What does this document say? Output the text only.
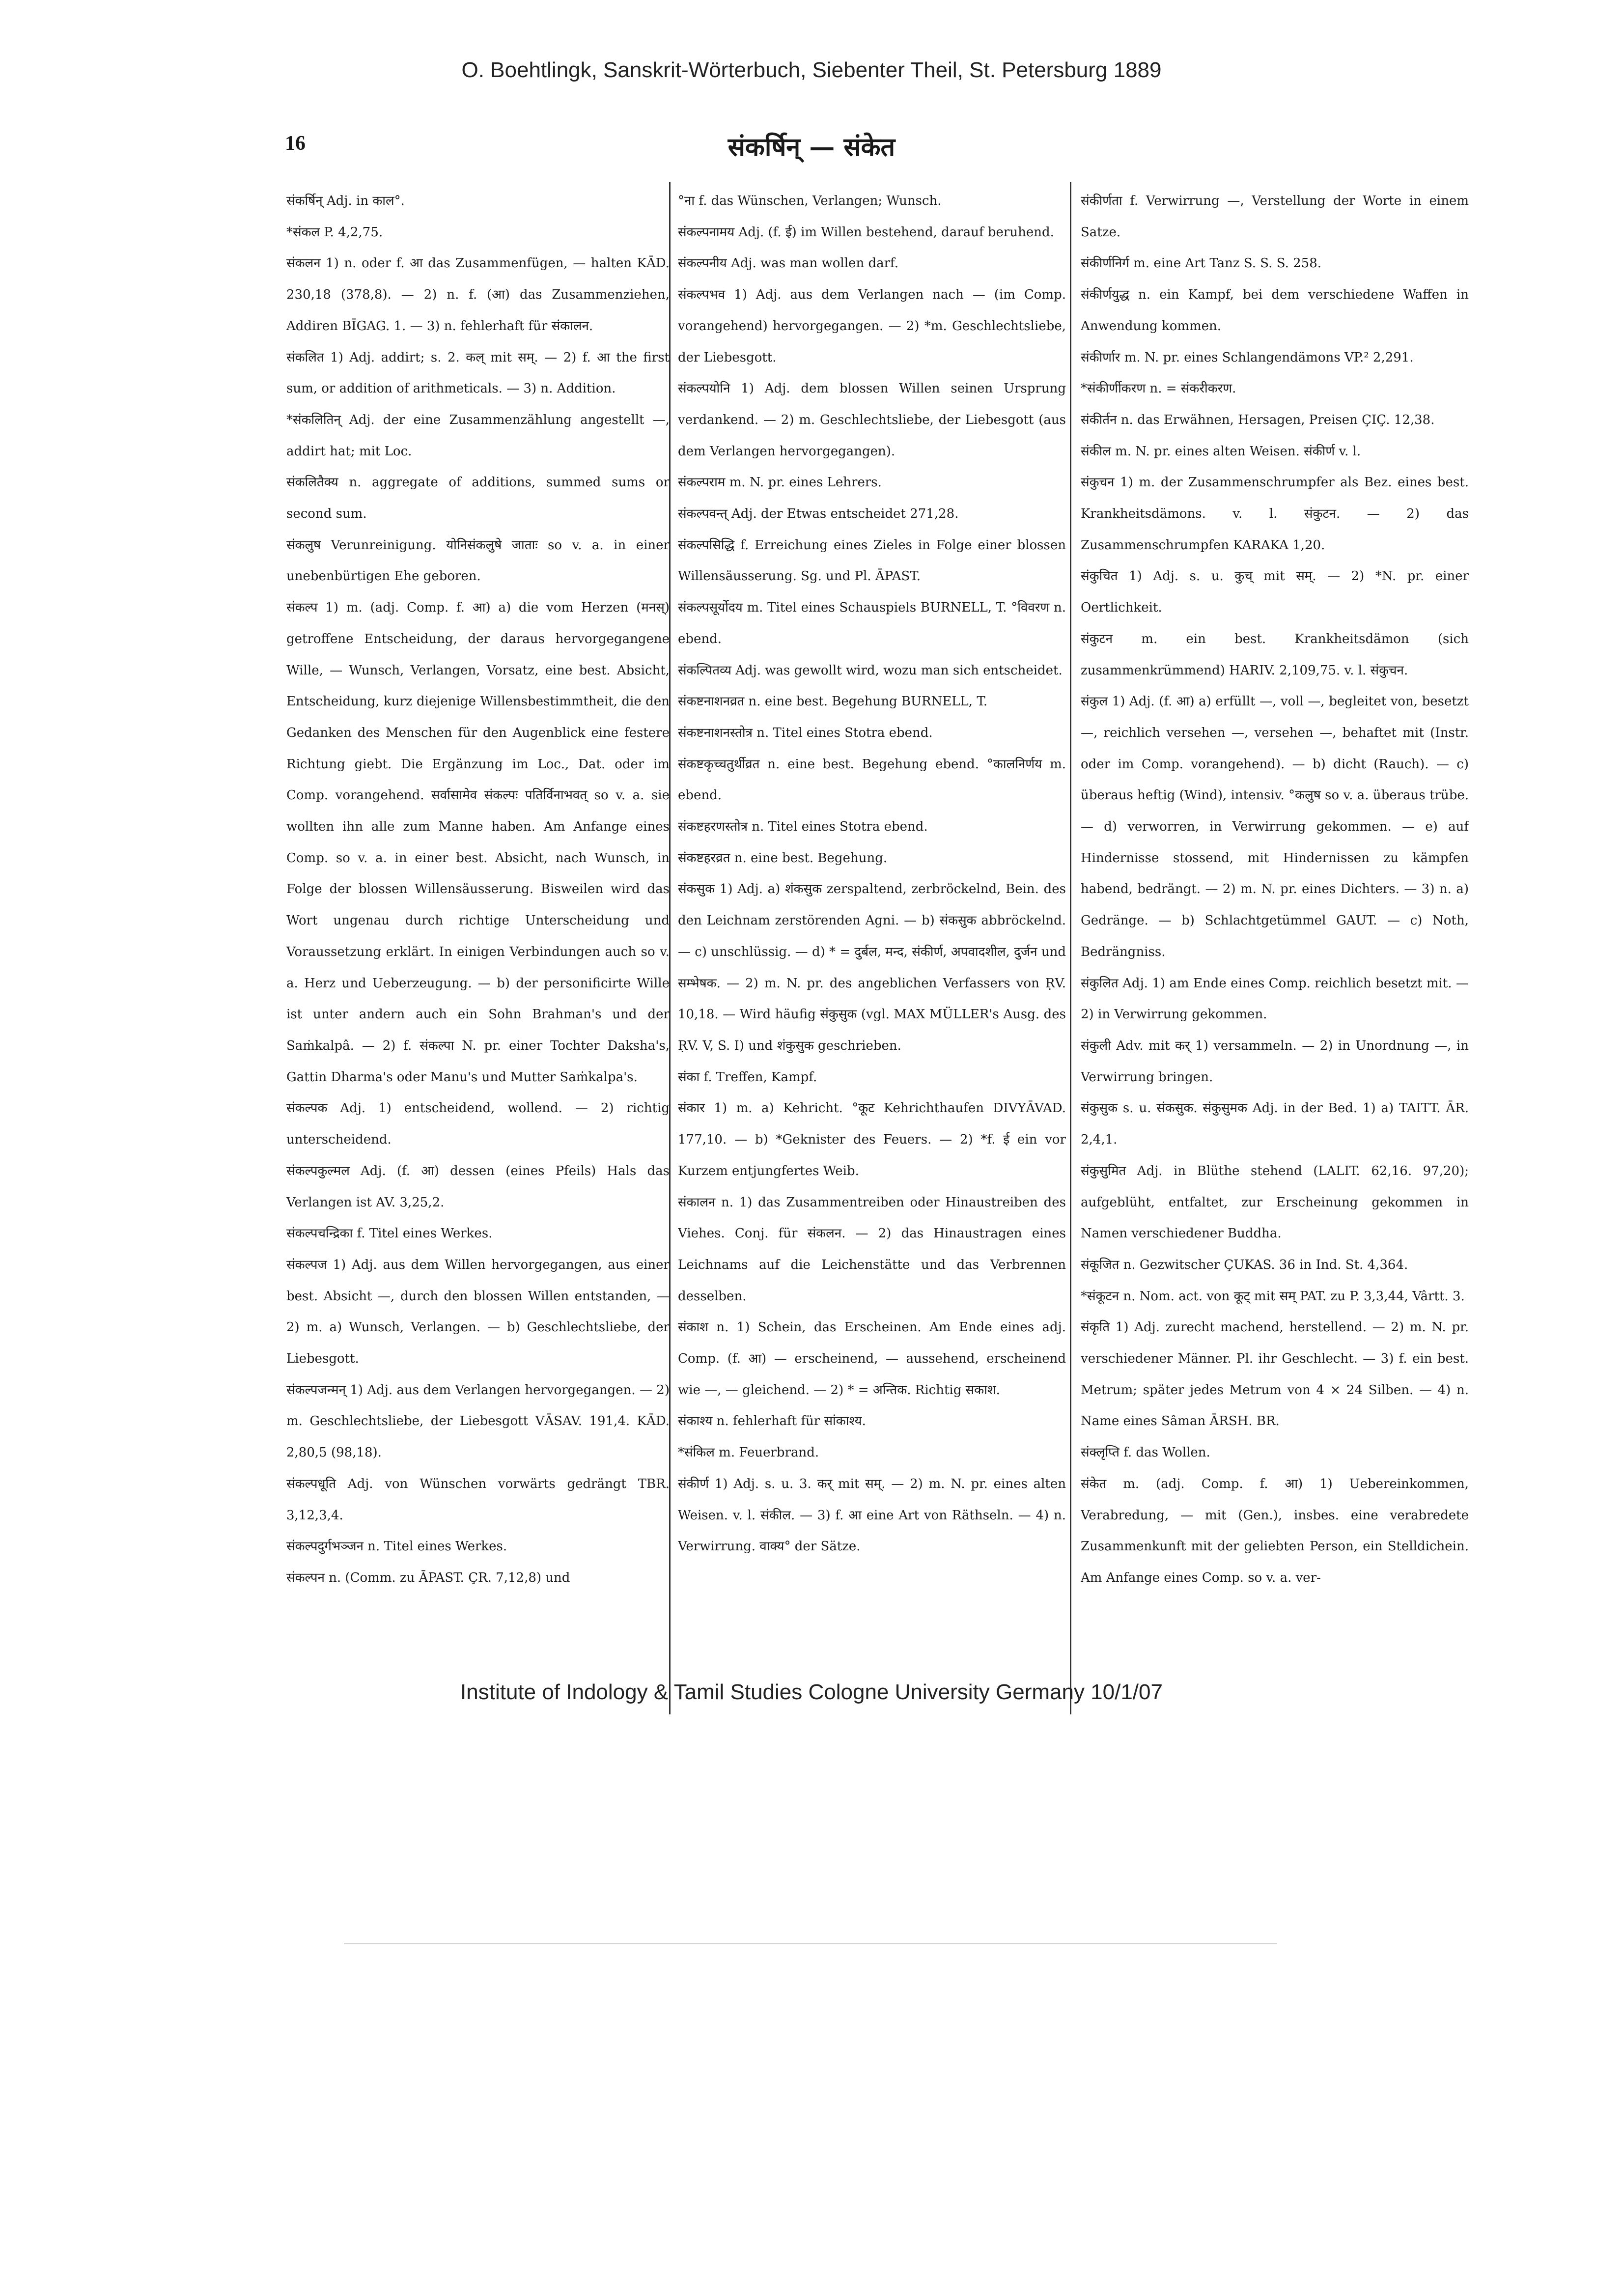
O. Boehtlingk, Sanskrit-Wörterbuch, Siebenter Theil, St. Petersburg 1889
16	संकर्षिन् — संकेत

संकर्षिन् Adj. in काल°.

*संकल P. 4,2,75.

संकलन 1) n. oder f. आ das Zusammenfügen, — halten KĀD. 230,18 (378,8). — 2) n. f. (आ) das Zusammenziehen, Addiren BĪGAG. 1. — 3) n. fehlerhaft für संकालन.

संकलित 1) Adj. addirt; s. 2. कल् mit सम्. — 2) f. आ the first sum, or addition of arithmeticals. — 3) n. Addition.

*संकलितिन् Adj. der eine Zusammenzählung angestellt —, addirt hat; mit Loc.

संकलितैक्य n. aggregate of additions, summed sums or second sum.

संकलुष Verunreinigung. योनिसंकलुषे जाताः so v. a. in einer unebenbürtigen Ehe geboren.

संकल्प 1) m. (adj. Comp. f. आ) a) die vom Herzen (मनस्) getroffene Entscheidung, der daraus hervorgegangene Wille, — Wunsch, Verlangen, Vorsatz, eine best. Absicht, Entscheidung, kurz diejenige Willensbestimmtheit, die den Gedanken des Menschen für den Augenblick eine festere Richtung giebt. Die Ergänzung im Loc., Dat. oder im Comp. vorangehend. सर्वासामेव संकल्पः पतिर्विनाभवत् so v. a. sie wollten ihn alle zum Manne haben. Am Anfange eines Comp. so v. a. in einer best. Absicht, nach Wunsch, in Folge der blossen Willensäusserung. Bisweilen wird das Wort ungenau durch richtige Unterscheidung und Voraussetzung erklärt. In einigen Verbindungen auch so v. a. Herz und Ueberzeugung. — b) der personificirte Wille ist unter andern auch ein Sohn Brahman's und der Saṁkalpâ. — 2) f. संकल्पा N. pr. einer Tochter Daksha's, Gattin Dharma's oder Manu's und Mutter Saṁkalpa's.

संकल्पक Adj. 1) entscheidend, wollend. — 2) richtig unterscheidend.

संकल्पकुल्मल Adj. (f. आ) dessen (eines Pfeils) Hals das Verlangen ist AV. 3,25,2.

संकल्पचन्द्रिका f. Titel eines Werkes.

संकल्पज 1) Adj. aus dem Willen hervorgegangen, aus einer best. Absicht —, durch den blossen Willen entstanden, — 2) m. a) Wunsch, Verlangen. — b) Geschlechtsliebe, der Liebesgott.

संकल्पजन्मन् 1) Adj. aus dem Verlangen hervorgegangen. — 2) m. Geschlechtsliebe, der Liebesgott VĀSAV. 191,4. KĀD. 2,80,5 (98,18).

संकल्पधूति Adj. von Wünschen vorwärts gedrängt TBR. 3,12,3,4.

संकल्पदुर्गभञ्जन n. Titel eines Werkes.

संकल्पन n. (Comm. zu ĀPAST. ÇR. 7,12,8) und

°ना f. das Wünschen, Verlangen; Wunsch.

संकल्पनामय Adj. (f. ई) im Willen bestehend, darauf beruhend.

संकल्पनीय Adj. was man wollen darf.

संकल्पभव 1) Adj. aus dem Verlangen nach — (im Comp. vorangehend) hervorgegangen. — 2) *m. Geschlechtsliebe, der Liebesgott.

संकल्पयोनि 1) Adj. dem blossen Willen seinen Ursprung verdankend. — 2) m. Geschlechtsliebe, der Liebesgott (aus dem Verlangen hervorgegangen).

संकल्पराम m. N. pr. eines Lehrers.

संकल्पवन्त् Adj. der Etwas entscheidet 271,28.

संकल्पसिद्धि f. Erreichung eines Zieles in Folge einer blossen Willensäusserung. Sg. und Pl. ĀPAST.

संकल्पसूर्योदय m. Titel eines Schauspiels BURNELL, T. °विवरण n. ebend.

संकल्पितव्य Adj. was gewollt wird, wozu man sich entscheidet.

संकष्टनाशनव्रत n. eine best. Begehung BURNELL, T.

संकष्टनाशनस्तोत्र n. Titel eines Stotra ebend.

संकष्टकृच्चतुर्थीव्रत n. eine best. Begehung ebend. °कालनिर्णय m. ebend.

संकष्टहरणस्तोत्र n. Titel eines Stotra ebend.

संकष्टहरव्रत n. eine best. Begehung.

संकसुक 1) Adj. a) शंकसुक zerspaltend, zerbröckelnd, Bein. des den Leichnam zerstörenden Agni. — b) संकसुक abbröckelnd. — c) unschlüssig. — d) * = दुर्बल, मन्द, संकीर्ण, अपवादशील, दुर्जन und सम्भेषक. — 2) m. N. pr. des angeblichen Verfassers von ṚV. 10,18. — Wird häufig संकुसुक (vgl. MAX MÜLLER's Ausg. des ṚV. V, S. I) und शंकुसुक geschrieben.

संका f. Treffen, Kampf.

संकार 1) m. a) Kehricht. °कूट Kehrichthaufen DIVYĀVAD. 177,10. — b) *Geknister des Feuers. — 2) *f. ई ein vor Kurzem entjungfertes Weib.

संकालन n. 1) das Zusammentreiben oder Hinaustreiben des Viehes. Conj. für संकलन. — 2) das Hinaustragen eines Leichnams auf die Leichenstätte und das Verbrennen desselben.

संकाश n. 1) Schein, das Erscheinen. Am Ende eines adj. Comp. (f. आ) — erscheinend, — aussehend, erscheinend wie —, — gleichend. — 2) * = अन्तिक. Richtig सकाश.

संकाश्य n. fehlerhaft für सांकाश्य.

*संकिल m. Feuerbrand.

संकीर्ण 1) Adj. s. u. 3. कर् mit सम्. — 2) m. N. pr. eines alten Weisen. v. l. संकील. — 3) f. आ eine Art von Räthseln. — 4) n. Verwirrung. वाक्य° der Sätze.

संकीर्णता f. Verwirrung —, Verstellung der Worte in einem Satze.

संकीर्णनिर्ग m. eine Art Tanz S. S. S. 258.

संकीर्णयुद्ध n. ein Kampf, bei dem verschiedene Waffen in Anwendung kommen.

संकीर्णार m. N. pr. eines Schlangendämons VP.² 2,291.

*संकीर्णीकरण n. = संकरीकरण.

संकीर्तन n. das Erwähnen, Hersagen, Preisen ÇIÇ. 12,38.

संकील m. N. pr. eines alten Weisen. संकीर्ण v. l.

संकुचन 1) m. der Zusammenschrumpfer als Bez. eines best. Krankheitsdämons. v. l. संकुटन. — 2) das Zusammenschrumpfen KARAKA 1,20.

संकुचित 1) Adj. s. u. कुच् mit सम्. — 2) *N. pr. einer Oertlichkeit.

संकुटन m. ein best. Krankheitsdämon (sich zusammenkrümmend) HARIV. 2,109,75. v. l. संकुचन.

संकुल 1) Adj. (f. आ) a) erfüllt —, voll —, begleitet von, besetzt —, reichlich versehen —, versehen —, behaftet mit (Instr. oder im Comp. vorangehend). — b) dicht (Rauch). — c) überaus heftig (Wind), intensiv. °कलुष so v. a. überaus trübe. — d) verworren, in Verwirrung gekommen. — e) auf Hindernisse stossend, mit Hindernissen zu kämpfen habend, bedrängt. — 2) m. N. pr. eines Dichters. — 3) n. a) Gedränge. — b) Schlachtgetümmel GAUT. — c) Noth, Bedrängniss.

संकुलित Adj. 1) am Ende eines Comp. reichlich besetzt mit. — 2) in Verwirrung gekommen.

संकुली Adv. mit कर् 1) versammeln. — 2) in Unordnung —, in Verwirrung bringen.

संकुसुक s. u. संकसुक. संकुसुमक Adj. in der Bed. 1) a) TAITT. ĀR. 2,4,1.

संकुसुमित Adj. in Blüthe stehend (LALIT. 62,16. 97,20); aufgeblüht, entfaltet, zur Erscheinung gekommen in Namen verschiedener Buddha.

संकूजित n. Gezwitscher ÇUKAS. 36 in Ind. St. 4,364.

*संकूटन n. Nom. act. von कूट् mit सम् PAT. zu P. 3,3,44, Vârtt. 3.

संकृति 1) Adj. zurecht machend, herstellend. — 2) m. N. pr. verschiedener Männer. Pl. ihr Geschlecht. — 3) f. ein best. Metrum; später jedes Metrum von 4 × 24 Silben. — 4) n. Name eines Sâman ĀRSH. BR.

संक्लृप्ति f. das Wollen.

संकेत m. (adj. Comp. f. आ) 1) Uebereinkommen, Verabredung, — mit (Gen.), insbes. eine verabredete Zusammenkunft mit der geliebten Person, ein Stelldichein. Am Anfange eines Comp. so v. a. ver-

Institute of Indology & Tamil Studies Cologne University Germany 10/1/07
